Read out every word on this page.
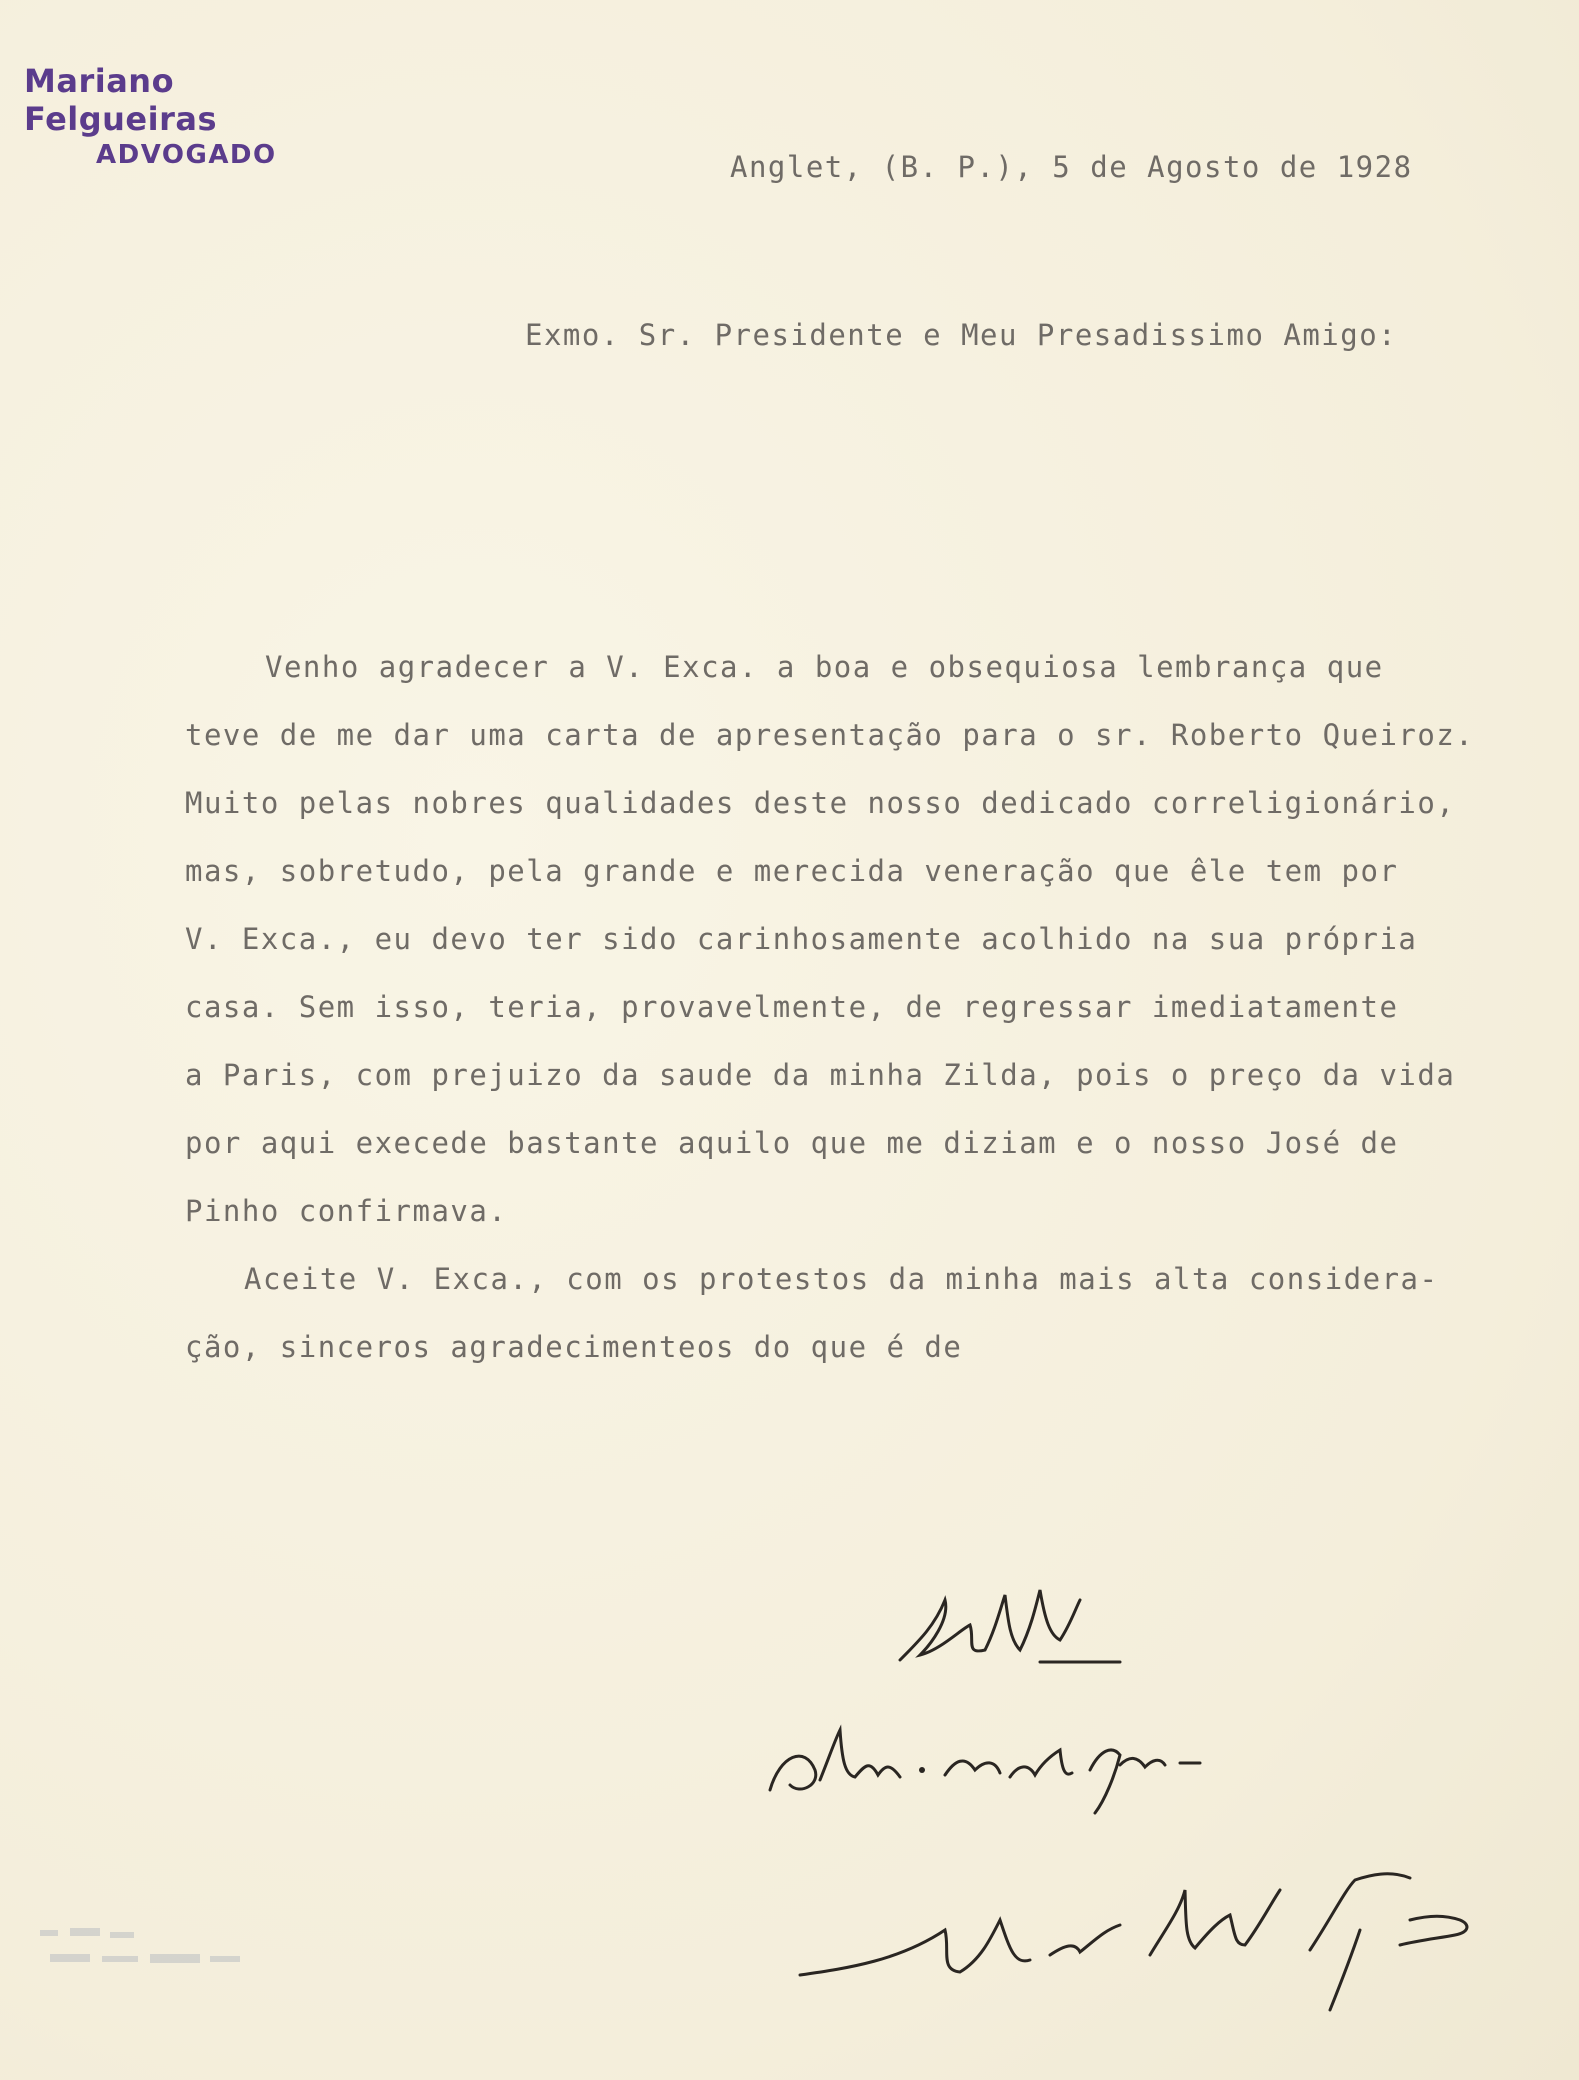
Mariano Felgueiras
ADVOGADO	Anglet, (B. P.), 5 de Agosto de 1928
Exmo. Sr. Presidente e Meu Presadissimo Amigo:
Venho agradecer a V. Exca. a boa e obsequiosa lembrança que
teve de me dar uma carta de apresentação para o sr. Roberto Queiroz.
Muito pelas nobres qualidades deste nosso dedicado correligionário,
mas, sobretudo, pela grande e merecida veneração que êle tem por
V. Exca., eu devo ter sido carinhosamente acolhido na sua própria
casa. Sem isso, teria, provavelmente, de regressar imediatamente
a Paris, com prejuizo da saude da minha Zilda, pois o preço da vida
por aqui execede bastante aquilo que me diziam e o nosso José de
Pinho confirmava.
Aceite V. Exca., com os protestos da minha mais alta considera-
ção, sinceros agradecimenteos do que é de
